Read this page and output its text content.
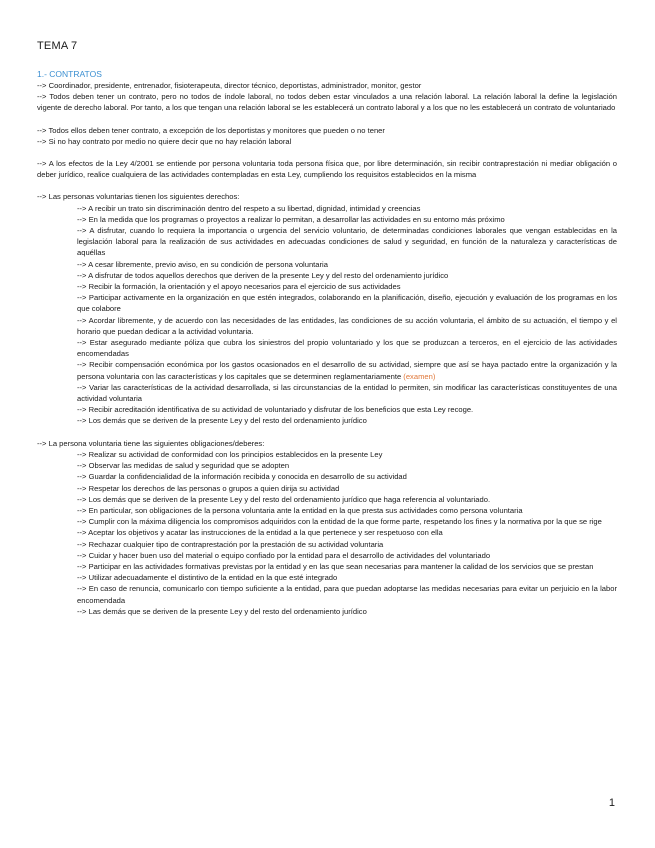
TEMA 7
1.- CONTRATOS

--> Coordinador, presidente, entrenador, fisioterapeuta, director técnico, deportistas, administrador, monitor, gestor

--> Todos deben tener un contrato, pero no todos de índole laboral, no todos deben estar vinculados a una relación laboral. La relación laboral la define la legislación vigente de derecho laboral. Por tanto, a los que tengan una relación laboral se les establecerá un contrato laboral y a los que no les establecerá un contrato de voluntariado

--> Todos ellos deben tener contrato, a excepción de los deportistas y monitores que pueden o no tener

--> Si no hay contrato por medio no quiere decir que no hay relación laboral

--> A los efectos de la Ley 4/2001 se entiende por persona voluntaria toda persona física que, por libre determinación, sin recibir contraprestación ni mediar obligación o deber jurídico, realice cualquiera de las actividades contempladas en esta Ley, cumpliendo los requisitos establecidos en la misma

--> Las personas voluntarias tienen los siguientes derechos:

--> A recibir un trato sin discriminación dentro del respeto a su libertad, dignidad, intimidad y creencias
--> En la medida que los programas o proyectos a realizar lo permitan, a desarrollar las actividades en su entorno más próximo
--> A disfrutar, cuando lo requiera la importancia o urgencia del servicio voluntario, de determinadas condiciones laborales que vengan establecidas en la legislación laboral para la realización de sus actividades en adecuadas condiciones de salud y seguridad, en función de la naturaleza y características de aquéllas
--> A cesar libremente, previo aviso, en su condición de persona voluntaria
--> A disfrutar de todos aquellos derechos que deriven de la presente Ley y del resto del ordenamiento jurídico
--> Recibir la formación, la orientación y el apoyo necesarios para el ejercicio de sus actividades
--> Participar activamente en la organización en que estén integrados, colaborando en la planificación, diseño, ejecución y evaluación de los programas en los que colabore
--> Acordar libremente, y de acuerdo con las necesidades de las entidades, las condiciones de su acción voluntaria, el ámbito de su actuación, el tiempo y el horario que puedan dedicar a la actividad voluntaria.
--> Estar asegurado mediante póliza que cubra los siniestros del propio voluntariado y los que se produzcan a terceros, en el ejercicio de las actividades encomendadas
--> Recibir compensación económica por los gastos ocasionados en el desarrollo de su actividad, siempre que así se haya pactado entre la organización y la persona voluntaria con las características y los capitales que se determinen reglamentariamente (examen)
--> Variar las características de la actividad desarrollada, si las circunstancias de la entidad lo permiten, sin modificar las características constituyentes de una actividad voluntaria
--> Recibir acreditación identificativa de su actividad de voluntariado y disfrutar de los beneficios que esta Ley recoge.
--> Los demás que se deriven de la presente Ley y del resto del ordenamiento jurídico

--> La persona voluntaria tiene las siguientes obligaciones/deberes:

--> Realizar su actividad de conformidad con los principios establecidos en la presente Ley
--> Observar las medidas de salud y seguridad que se adopten
--> Guardar la confidencialidad de la información recibida y conocida en desarrollo de su actividad
--> Respetar los derechos de las personas o grupos a quien dirija su actividad
--> Los demás que se deriven de la presente Ley y del resto del ordenamiento jurídico que haga referencia al voluntariado.
--> En particular, son obligaciones de la persona voluntaria ante la entidad en la que presta sus actividades como persona voluntaria
--> Cumplir con la máxima diligencia los compromisos adquiridos con la entidad de la que forme parte, respetando los fines y la normativa por la que se rige
--> Aceptar los objetivos y acatar las instrucciones de la entidad a la que pertenece y ser respetuoso con ella
--> Rechazar cualquier tipo de contraprestación por la prestación de su actividad voluntaria
--> Cuidar y hacer buen uso del material o equipo confiado por la entidad para el desarrollo de actividades del voluntariado
--> Participar en las actividades formativas previstas por la entidad y en las que sean necesarias para mantener la calidad de los servicios que se prestan
--> Utilizar adecuadamente el distintivo de la entidad en la que esté integrado
--> En caso de renuncia, comunicarlo con tiempo suficiente a la entidad, para que puedan adoptarse las medidas necesarias para evitar un perjuicio en la labor encomendada
--> Las demás que se deriven de la presente Ley y del resto del ordenamiento jurídico
1
